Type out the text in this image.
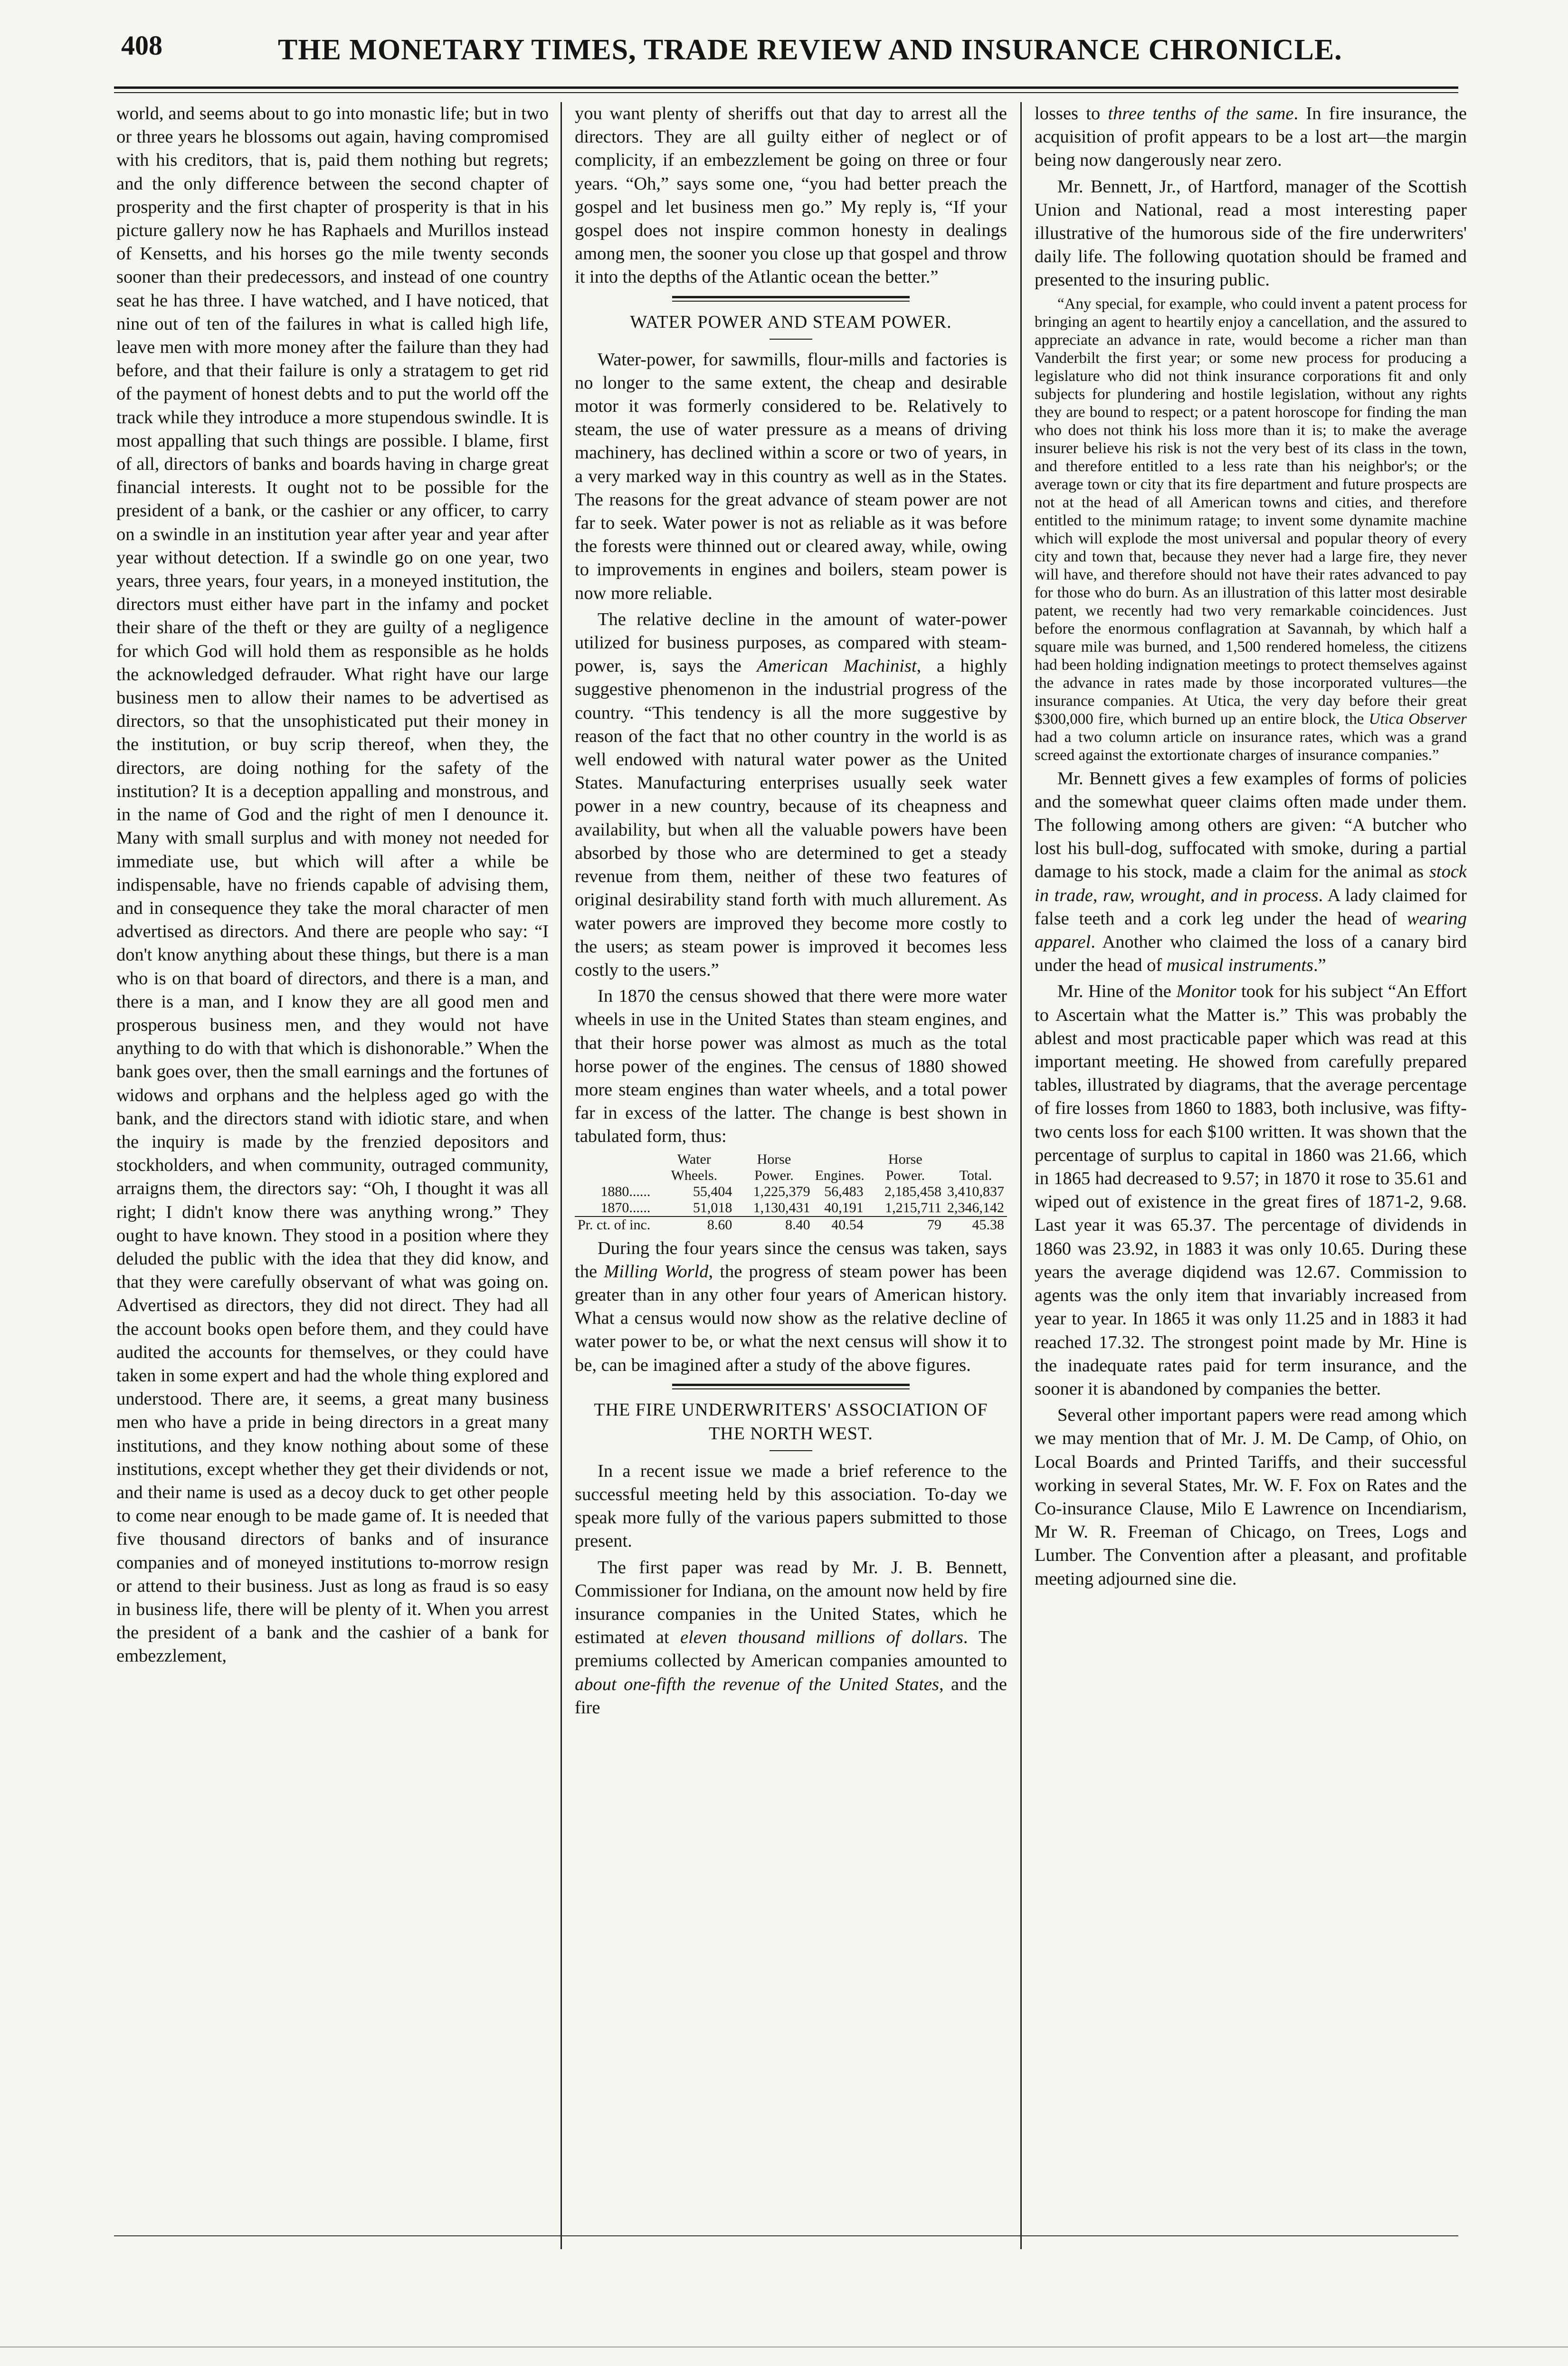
408	THE MONETARY TIMES, TRADE REVIEW AND INSURANCE CHRONICLE.

world, and seems about to go into monastic life; but in two or three years he blossoms out again, having compromised with his creditors, that is, paid them nothing but regrets; and the only difference between the second chapter of prosperity and the first chapter of prosperity is that in his picture gallery now he has Raphaels and Murillos instead of Kensetts, and his horses go the mile twenty seconds sooner than their predecessors, and instead of one country seat he has three. I have watched, and I have noticed, that nine out of ten of the failures in what is called high life, leave men with more money after the failure than they had before, and that their failure is only a stratagem to get rid of the payment of honest debts and to put the world off the track while they introduce a more stupendous swindle. It is most appalling that such things are possible. I blame, first of all, directors of banks and boards having in charge great financial interests. It ought not to be possible for the president of a bank, or the cashier or any officer, to carry on a swindle in an institution year after year and year after year without detection. If a swindle go on one year, two years, three years, four years, in a moneyed institution, the directors must either have part in the infamy and pocket their share of the theft or they are guilty of a negligence for which God will hold them as responsible as he holds the acknowledged defrauder. What right have our large business men to allow their names to be advertised as directors, so that the unsophisticated put their money in the institution, or buy scrip thereof, when they, the directors, are doing nothing for the safety of the institution? It is a deception appalling and monstrous, and in the name of God and the right of men I denounce it. Many with small surplus and with money not needed for immediate use, but which will after a while be indispensable, have no friends capable of advising them, and in consequence they take the moral character of men advertised as directors. And there are people who say: “I don't know anything about these things, but there is a man who is on that board of directors, and there is a man, and there is a man, and I know they are all good men and prosperous business men, and they would not have anything to do with that which is dishonorable.” When the bank goes over, then the small earnings and the fortunes of widows and orphans and the helpless aged go with the bank, and the directors stand with idiotic stare, and when the inquiry is made by the frenzied depositors and stockholders, and when community, outraged community, arraigns them, the directors say: “Oh, I thought it was all right; I didn't know there was anything wrong.” They ought to have known. They stood in a position where they deluded the public with the idea that they did know, and that they were carefully observant of what was going on. Advertised as directors, they did not direct. They had all the account books open before them, and they could have audited the accounts for themselves, or they could have taken in some expert and had the whole thing explored and understood. There are, it seems, a great many business men who have a pride in being directors in a great many institutions, and they know nothing about some of these institutions, except whether they get their dividends or not, and their name is used as a decoy duck to get other people to come near enough to be made game of. It is needed that five thousand directors of banks and of insurance companies and of moneyed institutions to-morrow resign or attend to their business. Just as long as fraud is so easy in business life, there will be plenty of it. When you arrest the president of a bank and the cashier of a bank for embezzlement,

you want plenty of sheriffs out that day to arrest all the directors. They are all guilty either of neglect or of complicity, if an embezzlement be going on three or four years. “Oh,” says some one, “you had better preach the gospel and let business men go.” My reply is, “If your gospel does not inspire common honesty in dealings among men, the sooner you close up that gospel and throw it into the depths of the Atlantic ocean the better.”

WATER POWER AND STEAM POWER.

Water-power, for sawmills, flour-mills and factories is no longer to the same extent, the cheap and desirable motor it was formerly considered to be. Relatively to steam, the use of water pressure as a means of driving machinery, has declined within a score or two of years, in a very marked way in this country as well as in the States. The reasons for the great advance of steam power are not far to seek. Water power is not as reliable as it was before the forests were thinned out or cleared away, while, owing to improvements in engines and boilers, steam power is now more reliable.

The relative decline in the amount of water-power utilized for business purposes, as compared with steam-power, is, says the American Machinist, a highly suggestive phenomenon in the industrial progress of the country. “This tendency is all the more suggestive by reason of the fact that no other country in the world is as well endowed with natural water power as the United States. Manufacturing enterprises usually seek water power in a new country, because of its cheapness and availability, but when all the valuable powers have been absorbed by those who are determined to get a steady revenue from them, neither of these two features of original desirability stand forth with much allurement. As water powers are improved they become more costly to the users; as steam power is improved it becomes less costly to the users.”

In 1870 the census showed that there were more water wheels in use in the United States than steam engines, and that their horse power was almost as much as the total horse power of the engines. The census of 1880 showed more steam engines than water wheels, and a total power far in excess of the latter. The change is best shown in tabulated form, thus:

	Water Wheels.	Horse Power.	Engines.	Horse Power.	Total.
1880......	55,404	1,225,379	56,483	2,185,458	3,410,837
1870......	51,018	1,130,431	40,191	1,215,711	2,346,142
Pr. ct. of inc.	8.60	8.40	40.54	79	45.38

During the four years since the census was taken, says the Milling World, the progress of steam power has been greater than in any other four years of American history. What a census would now show as the relative decline of water power to be, or what the next census will show it to be, can be imagined after a study of the above figures.

THE FIRE UNDERWRITERS' ASSOCIATION OF THE NORTH WEST.

In a recent issue we made a brief reference to the successful meeting held by this association. To-day we speak more fully of the various papers submitted to those present.

The first paper was read by Mr. J. B. Bennett, Commissioner for Indiana, on the amount now held by fire insurance companies in the United States, which he estimated at eleven thousand millions of dollars. The premiums collected by American companies amounted to about one-fifth the revenue of the United States, and the fire

losses to three tenths of the same. In fire insurance, the acquisition of profit appears to be a lost art—the margin being now dangerously near zero.

Mr. Bennett, Jr., of Hartford, manager of the Scottish Union and National, read a most interesting paper illustrative of the humorous side of the fire underwriters' daily life. The following quotation should be framed and presented to the insuring public.

“Any special, for example, who could invent a patent process for bringing an agent to heartily enjoy a cancellation, and the assured to appreciate an advance in rate, would become a richer man than Vanderbilt the first year; or some new process for producing a legislature who did not think insurance corporations fit and only subjects for plundering and hostile legislation, without any rights they are bound to respect; or a patent horoscope for finding the man who does not think his loss more than it is; to make the average insurer believe his risk is not the very best of its class in the town, and therefore entitled to a less rate than his neighbor's; or the average town or city that its fire department and future prospects are not at the head of all American towns and cities, and therefore entitled to the minimum ratage; to invent some dynamite machine which will explode the most universal and popular theory of every city and town that, because they never had a large fire, they never will have, and therefore should not have their rates advanced to pay for those who do burn. As an illustration of this latter most desirable patent, we recently had two very remarkable coincidences. Just before the enormous conflagration at Savannah, by which half a square mile was burned, and 1,500 rendered homeless, the citizens had been holding indignation meetings to protect themselves against the advance in rates made by those incorporated vultures—the insurance companies. At Utica, the very day before their great $300,000 fire, which burned up an entire block, the Utica Observer had a two column article on insurance rates, which was a grand screed against the extortionate charges of insurance companies.”

Mr. Bennett gives a few examples of forms of policies and the somewhat queer claims often made under them. The following among others are given: “A butcher who lost his bull-dog, suffocated with smoke, during a partial damage to his stock, made a claim for the animal as stock in trade, raw, wrought, and in process. A lady claimed for false teeth and a cork leg under the head of wearing apparel. Another who claimed the loss of a canary bird under the head of musical instruments.”

Mr. Hine of the Monitor took for his subject “An Effort to Ascertain what the Matter is.” This was probably the ablest and most practicable paper which was read at this important meeting. He showed from carefully prepared tables, illustrated by diagrams, that the average percentage of fire losses from 1860 to 1883, both inclusive, was fifty-two cents loss for each $100 written. It was shown that the percentage of surplus to capital in 1860 was 21.66, which in 1865 had decreased to 9.57; in 1870 it rose to 35.61 and wiped out of existence in the great fires of 1871-2, 9.68. Last year it was 65.37. The percentage of dividends in 1860 was 23.92, in 1883 it was only 10.65. During these years the average diqidend was 12.67. Commission to agents was the only item that invariably increased from year to year. In 1865 it was only 11.25 and in 1883 it had reached 17.32. The strongest point made by Mr. Hine is the inadequate rates paid for term insurance, and the sooner it is abandoned by companies the better.

Several other important papers were read among which we may mention that of Mr. J. M. De Camp, of Ohio, on Local Boards and Printed Tariffs, and their successful working in several States, Mr. W. F. Fox on Rates and the Co-insurance Clause, Milo E Lawrence on Incendiarism, Mr W. R. Freeman of Chicago, on Trees, Logs and Lumber. The Convention after a pleasant, and profitable meeting adjourned sine die.
